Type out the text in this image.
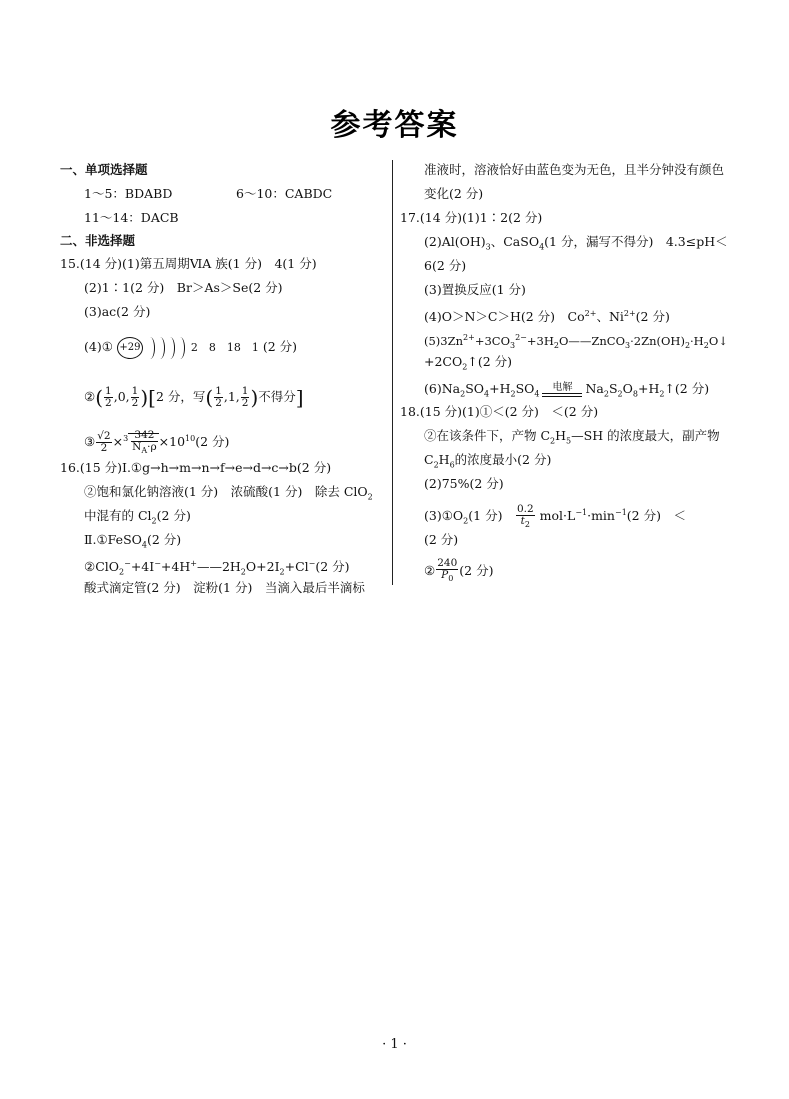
参考答案
一、单项选择题
1～5：BDABD	6～10：CABDC
11～14：DACB
二、非选择题
15.(14 分)(1)第五周期ⅥA 族(1 分)　4(1 分)
(2)1∶1(2 分)　Br＞As＞Se(2 分)
(3)ac(2 分)
(4)① +29	2　8　18　1 (2 分)
②( $\frac{1}{2} ,0$, $\frac{1}{2} )[2$ 分，写( $\frac{1}{2} ,1$, $\frac{1}{2}$ )不得分]
③ $\frac{√2}{2} \times^3 \frac{342}{N_A\cdot\rho} \times 10^{10}(2$ 分)
16.(15 分)Ⅰ.①g→h→m→n→f→e→d→c→b(2 分)
②饱和氯化钠溶液(1 分)　浓硫酸(1 分)　除去 ClO$_2$
中混有的 $Cl_2(2$ 分)
Ⅱ.①FeSO$_4$(2 分)
$②ClO_2^-+4I^-+4H^+——2H_2O+2I_2+Cl^-(2$ 分)
酸式滴定管(2 分)　淀粉(1 分)　当滴入最后半滴标
准液时，溶液恰好由蓝色变为无色，且半分钟没有颜色
变化(2 分)
17.(14 分)(1)1∶2(2 分)
$(2)Al(OH)_3$、CaSO$_4$(1 分，漏写不得分)　4.3≤pH＜
6(2 分)
(3)置换反应(1 分)
(4)O＞N＞C＞H(2 分)　$Co^{2+}$、$Ni^{2+}(2$ 分)
$(5)3Zn^{2+}+3CO_3^{2-}+3H_2O——ZnCO_3\cdot 2Zn(OH)_2\cdot H_2O↓$
$+2CO_2↑(2$ 分)
$(6)Na_2SO_4+H_2SO_4$
电解	$Na_2S_2O_8+H_2↑(2$ 分)
18.(15 分)(1)①＜(2 分)　＜(2 分)
②在该条件下，产物 $C_2H_5—SH$ 的浓度最大，副产物
$C_2H_6$的浓度最小(2 分)
(2)75%(2 分)
$(3)①O_2(1$ 分)　 $\frac{0.2}{t_2} mol\cdot L^{-1}\cdot\min^{-1}(2$ 分)　＜
(2 分)
② $\frac{240}{P_0} (2$ 分)
· 1 ·
